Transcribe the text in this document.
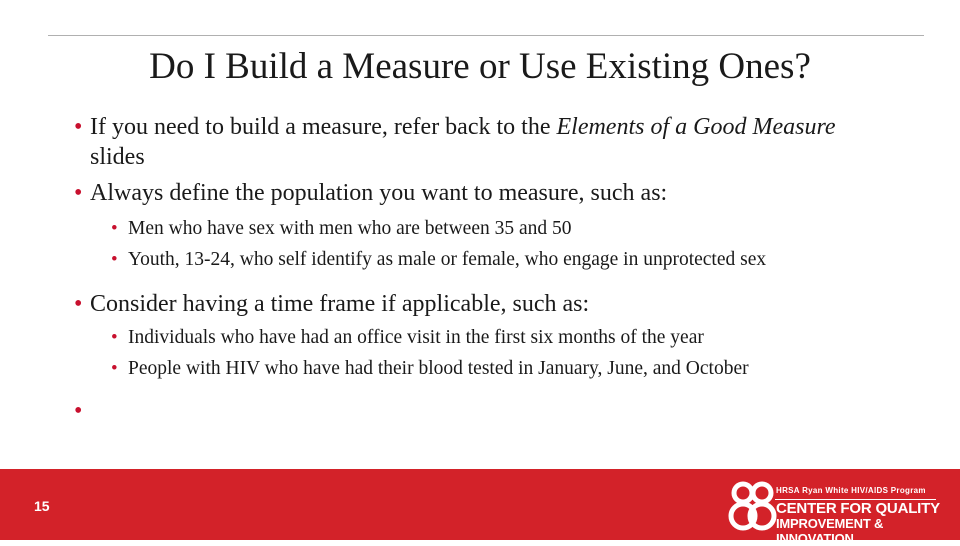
Do I Build a Measure or Use Existing Ones?

• If you need to build a measure, refer back to the Elements of a Good Measure slides

• Always define the population you want to measure, such as:

• Men who have sex with men who are between 35 and 50

• Youth, 13-24, who self identify as male or female, who engage in unprotected sex

• Consider having a time frame if applicable, such as:

• Individuals who have had an office visit in the first six months of the year

• People with HIV who have had their blood tested in January, June, and October

• If you are building a measure, consider any evidence in the literature to support your measure

15
HRSA Ryan White HIV/AIDS Program
CENTER FOR QUALITY
IMPROVEMENT & INNOVATION
